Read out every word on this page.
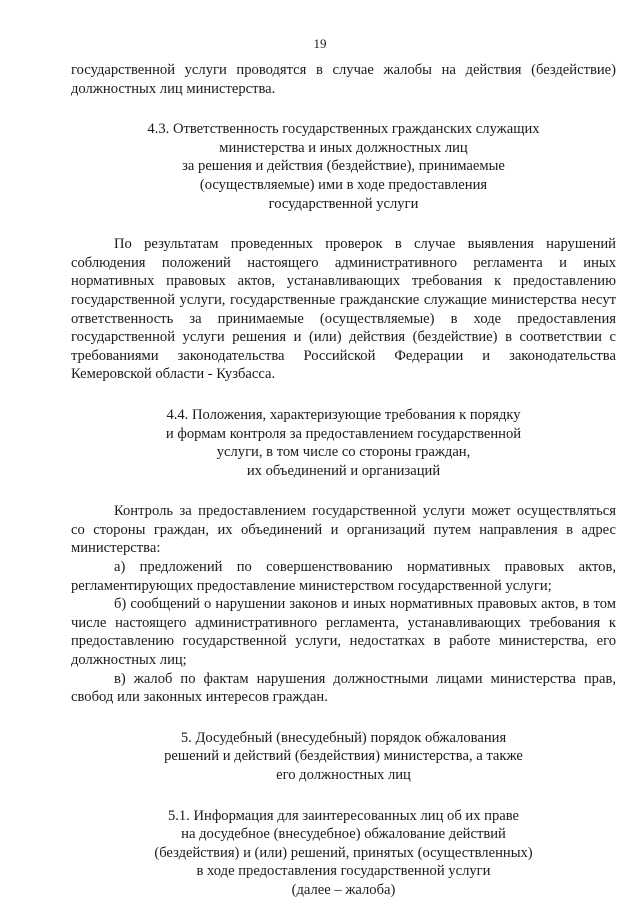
19

государственной услуги проводятся в случае жалобы на действия (бездействие) должностных лиц министерства.

4.3. Ответственность государственных гражданских служащих
министерства и иных должностных лиц
за решения и действия (бездействие), принимаемые
(осуществляемые) ими в ходе предоставления
государственной услуги

По результатам проведенных проверок в случае выявления нарушений соблюдения положений настоящего административного регламента и иных нормативных правовых актов, устанавливающих требования к предоставлению государственной услуги, государственные гражданские служащие министерства несут ответственность за принимаемые (осуществляемые) в ходе предоставления государственной услуги решения и (или) действия (бездействие) в соответствии с требованиями законодательства Российской Федерации и законодательства Кемеровской области - Кузбасса.

4.4. Положения, характеризующие требования к порядку
и формам контроля за предоставлением государственной
услуги, в том числе со стороны граждан,
их объединений и организаций

Контроль за предоставлением государственной услуги может осуществляться со стороны граждан, их объединений и организаций путем направления в адрес министерства:

а) предложений по совершенствованию нормативных правовых актов, регламентирующих предоставление министерством государственной услуги;

б) сообщений о нарушении законов и иных нормативных правовых актов, в том числе настоящего административного регламента, устанавливающих требования к предоставлению государственной услуги, недостатках в работе министерства, его должностных лиц;

в) жалоб по фактам нарушения должностными лицами министерства прав, свобод или законных интересов граждан.

5. Досудебный (внесудебный) порядок обжалования
решений и действий (бездействия) министерства, а также
его должностных лиц
5.1. Информация для заинтересованных лиц об их праве
на досудебное (внесудебное) обжалование действий
(бездействия) и (или) решений, принятых (осуществленных)
в ходе предоставления государственной услуги
(далее – жалоба)
